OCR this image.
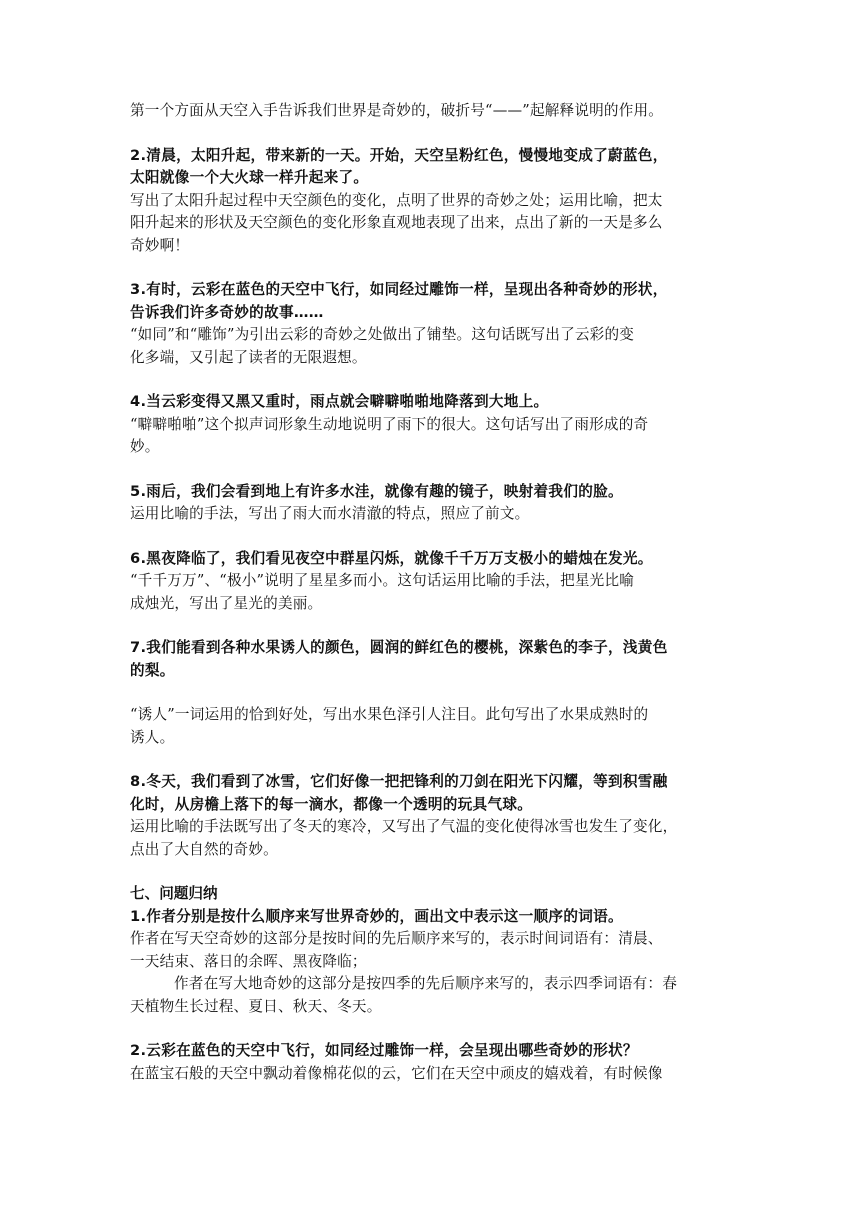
第一个方面从天空入手告诉我们世界是奇妙的，破折号“——”起解释说明的作用。
2.清晨，太阳升起，带来新的一天。开始，天空呈粉红色，慢慢地变成了蔚蓝色，
太阳就像一个大火球一样升起来了。
写出了太阳升起过程中天空颜色的变化，点明了世界的奇妙之处；运用比喻，把太
阳升起来的形状及天空颜色的变化形象直观地表现了出来，点出了新的一天是多么
奇妙啊！
3.有时，云彩在蓝色的天空中飞行，如同经过雕饰一样，呈现出各种奇妙的形状，
告诉我们许多奇妙的故事……
“如同”和“雕饰”为引出云彩的奇妙之处做出了铺垫。这句话既写出了云彩的变
化多端，又引起了读者的无限遐想。
4.当云彩变得又黑又重时，雨点就会噼噼啪啪地降落到大地上。
“噼噼啪啪”这个拟声词形象生动地说明了雨下的很大。这句话写出了雨形成的奇
妙。
5.雨后，我们会看到地上有许多水洼，就像有趣的镜子，映射着我们的脸。
运用比喻的手法，写出了雨大而水清澈的特点，照应了前文。
6.黑夜降临了，我们看见夜空中群星闪烁，就像千千万万支极小的蜡烛在发光。
“千千万万”、“极小”说明了星星多而小。这句话运用比喻的手法，把星光比喻
成烛光，写出了星光的美丽。
7.我们能看到各种水果诱人的颜色，圆润的鲜红色的樱桃，深紫色的李子，浅黄色
的梨。
“诱人”一词运用的恰到好处，写出水果色泽引人注目。此句写出了水果成熟时的
诱人。
8.冬天，我们看到了冰雪，它们好像一把把锋利的刀剑在阳光下闪耀，等到积雪融
化时，从房檐上落下的每一滴水，都像一个透明的玩具气球。
运用比喻的手法既写出了冬天的寒冷，又写出了气温的变化使得冰雪也发生了变化，
点出了大自然的奇妙。
七、问题归纳
1.作者分别是按什么顺序来写世界奇妙的，画出文中表示这一顺序的词语。
作者在写天空奇妙的这部分是按时间的先后顺序来写的，表示时间词语有：清晨、
一天结束、落日的余晖、黑夜降临；
作者在写大地奇妙的这部分是按四季的先后顺序来写的，表示四季词语有：春
天植物生长过程、夏日、秋天、冬天。
2.云彩在蓝色的天空中飞行，如同经过雕饰一样，会呈现出哪些奇妙的形状？
在蓝宝石般的天空中飘动着像棉花似的云，它们在天空中顽皮的嬉戏着，有时候像
